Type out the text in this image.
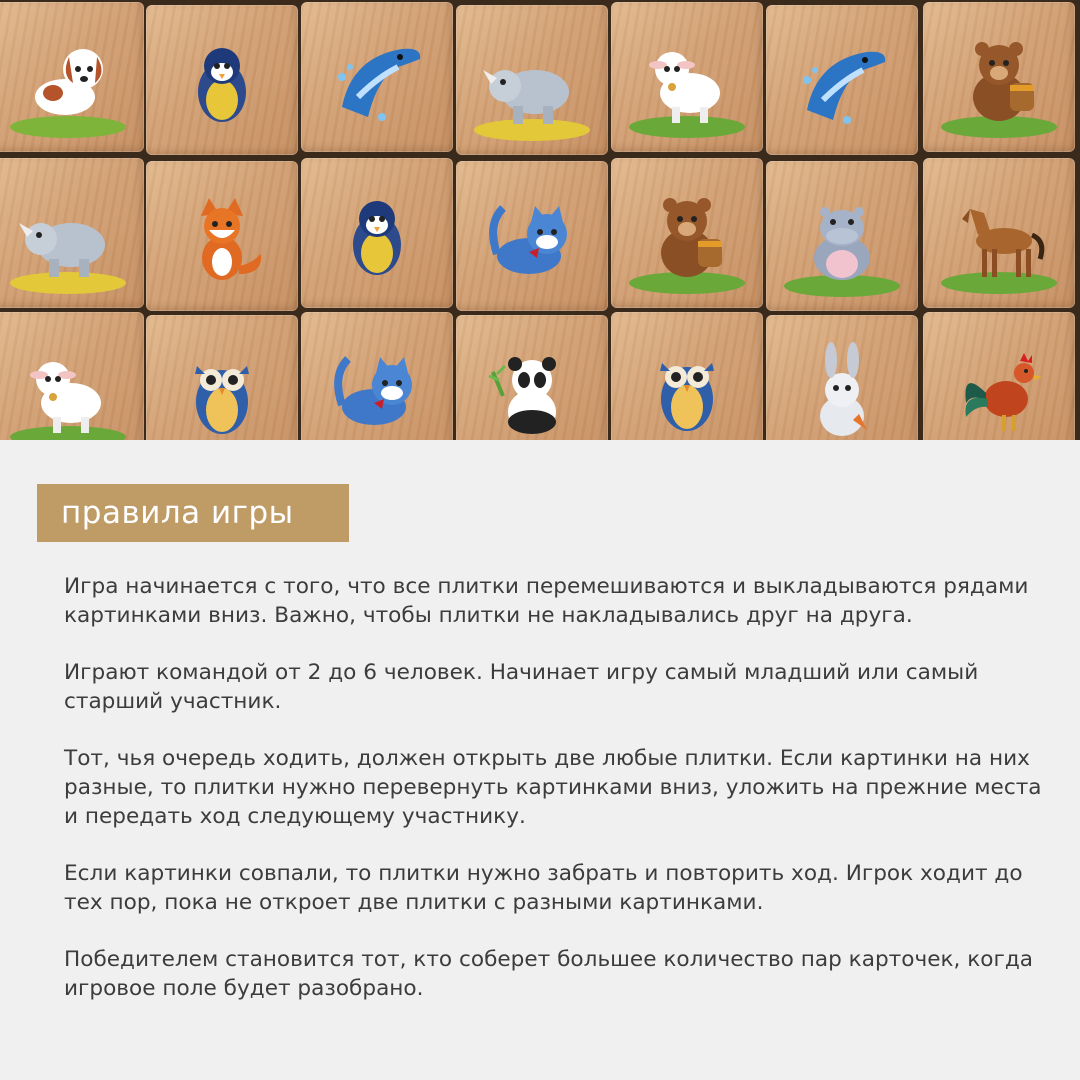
правила игры

Игра начинается с того, что все плитки перемешиваются и выкладываются рядами картинками вниз. Важно, чтобы плитки не накладывались друг на друга.

Играют командой от 2 до 6 человек. Начинает игру самый младший или самый старший участник.

Тот, чья очередь ходить, должен открыть две любые плитки. Если картинки на них разные, то плитки нужно перевернуть картинками вниз, уложить на прежние места и передать ход следующему участнику.

Если картинки совпали, то плитки нужно забрать и повторить ход. Игрок ходит до тех пор, пока не откроет две плитки с разными картинками.

Победителем становится тот, кто соберет большее количество пар карточек, когда игровое поле будет разобрано.
